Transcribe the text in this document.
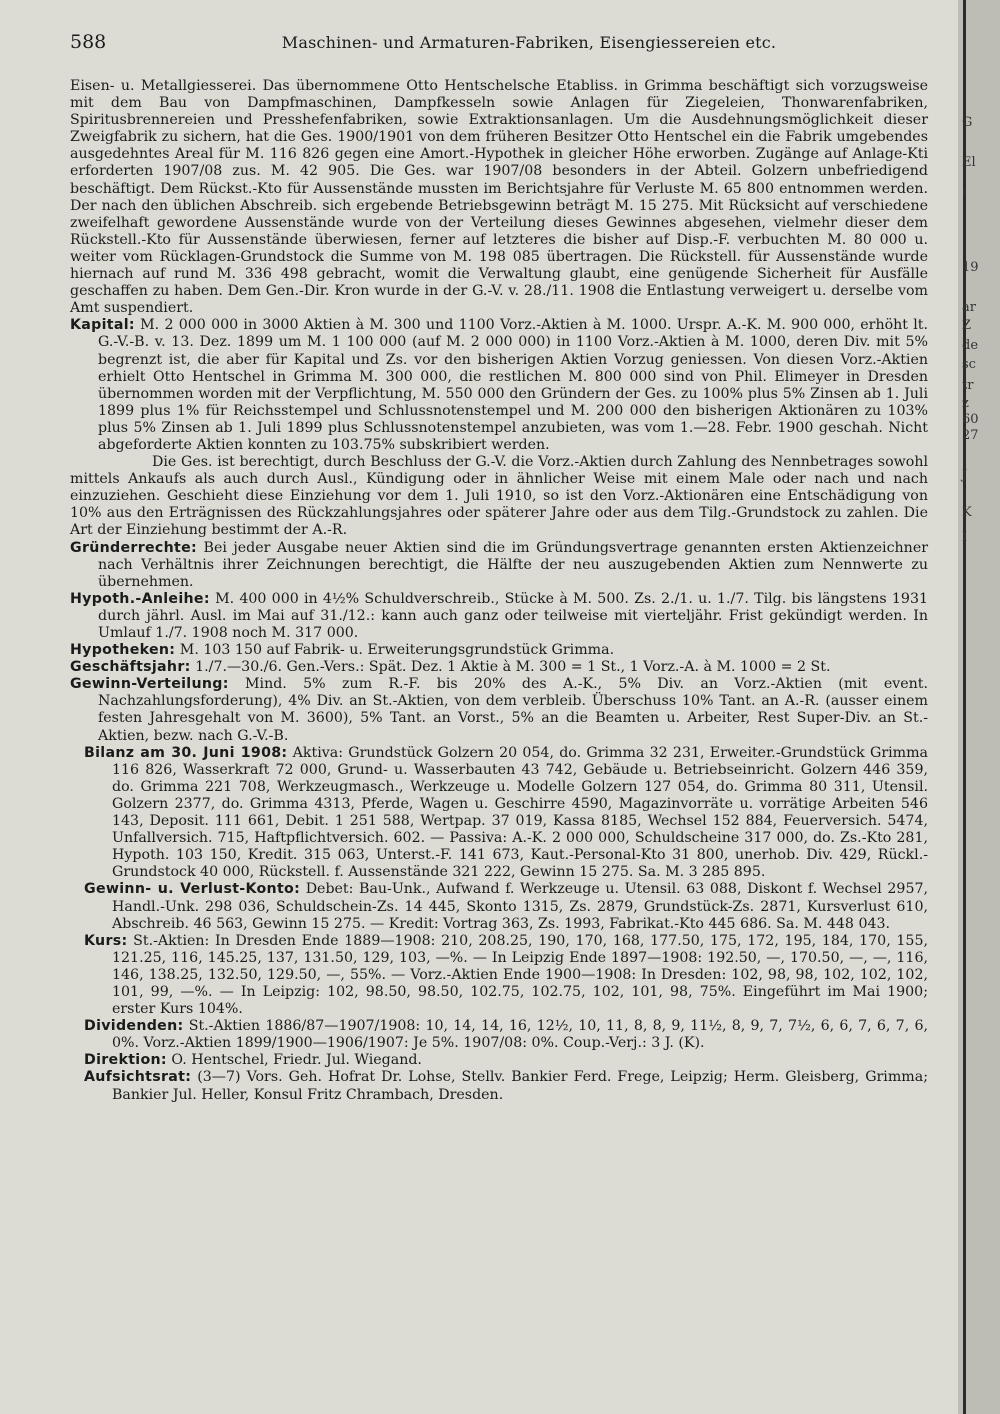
588	Maschinen- und Armaturen-Fabriken, Eisengiessereien etc.

Eisen- u. Metallgiesserei. Das übernommene Otto Hentschelsche Etabliss. in Grimma beschäftigt sich vorzugsweise mit dem Bau von Dampfmaschinen, Dampfkesseln sowie Anlagen für Ziegeleien, Thonwarenfabriken, Spiritusbrennereien und Presshefenfabriken, sowie Extraktionsanlagen. Um die Ausdehnungsmöglichkeit dieser Zweigfabrik zu sichern, hat die Ges. 1900/1901 von dem früheren Besitzer Otto Hentschel ein die Fabrik umgebendes ausgedehntes Areal für M. 116 826 gegen eine Amort.-Hypothek in gleicher Höhe erworben. Zugänge auf Anlage-Kti erforderten 1907/08 zus. M. 42 905. Die Ges. war 1907/08 besonders in der Abteil. Golzern unbefriedigend beschäftigt. Dem Rückst.-Kto für Aussenstände mussten im Berichtsjahre für Verluste M. 65 800 entnommen werden. Der nach den üblichen Abschreib. sich ergebende Betriebsgewinn beträgt M. 15 275. Mit Rücksicht auf verschiedene zweifelhaft gewordene Aussenstände wurde von der Verteilung dieses Gewinnes abgesehen, vielmehr dieser dem Rückstell.-Kto für Aussenstände überwiesen, ferner auf letzteres die bisher auf Disp.-F. verbuchten M. 80 000 u. weiter vom Rücklagen-Grundstock die Summe von M. 198 085 übertragen. Die Rückstell. für Aussenstände wurde hiernach auf rund M. 336 498 gebracht, womit die Verwaltung glaubt, eine genügende Sicherheit für Ausfälle geschaffen zu haben. Dem Gen.-Dir. Kron wurde in der G.-V. v. 28./11. 1908 die Entlastung verweigert u. derselbe vom Amt suspendiert.

Kapital: M. 2 000 000 in 3000 Aktien à M. 300 und 1100 Vorz.-Aktien à M. 1000. Urspr. A.-K. M. 900 000, erhöht lt. G.-V.-B. v. 13. Dez. 1899 um M. 1 100 000 (auf M. 2 000 000) in 1100 Vorz.-Aktien à M. 1000, deren Div. mit 5% begrenzt ist, die aber für Kapital und Zs. vor den bisherigen Aktien Vorzug geniessen. Von diesen Vorz.-Aktien erhielt Otto Hentschel in Grimma M. 300 000, die restlichen M. 800 000 sind von Phil. Elimeyer in Dresden übernommen worden mit der Verpflichtung, M. 550 000 den Gründern der Ges. zu 100% plus 5% Zinsen ab 1. Juli 1899 plus 1% für Reichsstempel und Schlussnotenstempel und M. 200 000 den bisherigen Aktionären zu 103% plus 5% Zinsen ab 1. Juli 1899 plus Schlussnotenstempel anzubieten, was vom 1.—28. Febr. 1900 geschah. Nicht abgeforderte Aktien konnten zu 103.75% subskribiert werden.

Die Ges. ist berechtigt, durch Beschluss der G.-V. die Vorz.-Aktien durch Zahlung des Nennbetrages sowohl mittels Ankaufs als auch durch Ausl., Kündigung oder in ähnlicher Weise mit einem Male oder nach und nach einzuziehen. Geschieht diese Einziehung vor dem 1. Juli 1910, so ist den Vorz.-Aktionären eine Entschädigung von 10% aus den Erträgnissen des Rückzahlungsjahres oder späterer Jahre oder aus dem Tilg.-Grundstock zu zahlen. Die Art der Einziehung bestimmt der A.-R.

Gründerrechte: Bei jeder Ausgabe neuer Aktien sind die im Gründungsvertrage genannten ersten Aktienzeichner nach Verhältnis ihrer Zeichnungen berechtigt, die Hälfte der neu auszugebenden Aktien zum Nennwerte zu übernehmen.

Hypoth.-Anleihe: M. 400 000 in 4½% Schuldverschreib., Stücke à M. 500. Zs. 2./1. u. 1./7. Tilg. bis längstens 1931 durch jährl. Ausl. im Mai auf 31./12.: kann auch ganz oder teilweise mit vierteljähr. Frist gekündigt werden. In Umlauf 1./7. 1908 noch M. 317 000.

Hypotheken: M. 103 150 auf Fabrik- u. Erweiterungsgrundstück Grimma.

Geschäftsjahr: 1./7.—30./6. Gen.-Vers.: Spät. Dez. 1 Aktie à M. 300 = 1 St., 1 Vorz.-A. à M. 1000 = 2 St.

Gewinn-Verteilung: Mind. 5% zum R.-F. bis 20% des A.-K., 5% Div. an Vorz.-Aktien (mit event. Nachzahlungsforderung), 4% Div. an St.-Aktien, von dem verbleib. Überschuss 10% Tant. an A.-R. (ausser einem festen Jahresgehalt von M. 3600), 5% Tant. an Vorst., 5% an die Beamten u. Arbeiter, Rest Super-Div. an St.-Aktien, bezw. nach G.-V.-B.

Bilanz am 30. Juni 1908: Aktiva: Grundstück Golzern 20 054, do. Grimma 32 231, Erweiter.-Grundstück Grimma 116 826, Wasserkraft 72 000, Grund- u. Wasserbauten 43 742, Gebäude u. Betriebseinricht. Golzern 446 359, do. Grimma 221 708, Werkzeugmasch., Werkzeuge u. Modelle Golzern 127 054, do. Grimma 80 311, Utensil. Golzern 2377, do. Grimma 4313, Pferde, Wagen u. Geschirre 4590, Magazinvorräte u. vorrätige Arbeiten 546 143, Deposit. 111 661, Debit. 1 251 588, Wertpap. 37 019, Kassa 8185, Wechsel 152 884, Feuerversich. 5474, Unfallversich. 715, Haftpflichtversich. 602. — Passiva: A.-K. 2 000 000, Schuldscheine 317 000, do. Zs.-Kto 281, Hypoth. 103 150, Kredit. 315 063, Unterst.-F. 141 673, Kaut.-Personal-Kto 31 800, unerhob. Div. 429, Rückl.-Grundstock 40 000, Rückstell. f. Aussenstände 321 222, Gewinn 15 275. Sa. M. 3 285 895.

Gewinn- u. Verlust-Konto: Debet: Bau-Unk., Aufwand f. Werkzeuge u. Utensil. 63 088, Diskont f. Wechsel 2957, Handl.-Unk. 298 036, Schuldschein-Zs. 14 445, Skonto 1315, Zs. 2879, Grundstück-Zs. 2871, Kursverlust 610, Abschreib. 46 563, Gewinn 15 275. — Kredit: Vortrag 363, Zs. 1993, Fabrikat.-Kto 445 686. Sa. M. 448 043.

Kurs: St.-Aktien: In Dresden Ende 1889—1908: 210, 208.25, 190, 170, 168, 177.50, 175, 172, 195, 184, 170, 155, 121.25, 116, 145.25, 137, 131.50, 129, 103, —%. — In Leipzig Ende 1897—1908: 192.50, —, 170.50, —, —, 116, 146, 138.25, 132.50, 129.50, —, 55%. — Vorz.-Aktien Ende 1900—1908: In Dresden: 102, 98, 98, 102, 102, 102, 101, 99, —%. — In Leipzig: 102, 98.50, 98.50, 102.75, 102.75, 102, 101, 98, 75%. Eingeführt im Mai 1900; erster Kurs 104%.

Dividenden: St.-Aktien 1886/87—1907/1908: 10, 14, 14, 16, 12½, 10, 11, 8, 8, 9, 11½, 8, 9, 7, 7½, 6, 6, 7, 6, 7, 6, 0%. Vorz.-Aktien 1899/1900—1906/1907: Je 5%. 1907/08: 0%. Coup.-Verj.: 3 J. (K).

Direktion: O. Hentschel, Friedr. Jul. Wiegand.

Aufsichtsrat: (3—7) Vors. Geh. Hofrat Dr. Lohse, Stellv. Bankier Ferd. Frege, Leipzig; Herm. Gleisberg, Grimma; Bankier Jul. Heller, Konsul Fritz Chrambach, Dresden.

G
El
(
19
ar
Z
de
sc
tr
z
60
27
J
K
I
